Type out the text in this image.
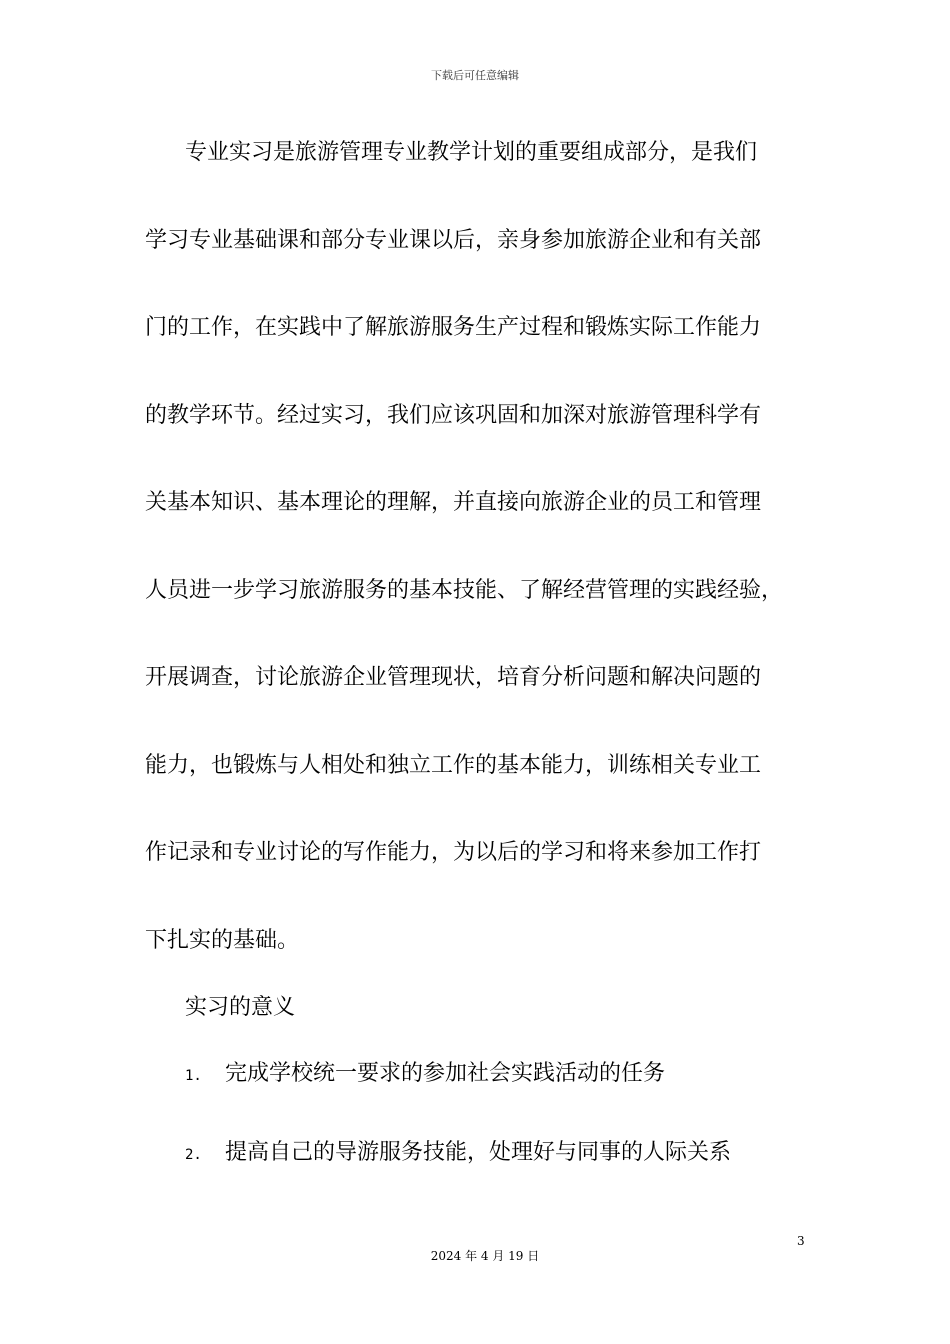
下载后可任意编辑
专业实习是旅游管理专业教学计划的重要组成部分，是我们
学习专业基础课和部分专业课以后，亲身参加旅游企业和有关部
门的工作，在实践中了解旅游服务生产过程和锻炼实际工作能力
的教学环节。经过实习，我们应该巩固和加深对旅游管理科学有
关基本知识、基本理论的理解，并直接向旅游企业的员工和管理
人员进一步学习旅游服务的基本技能、了解经营管理的实践经验，
开展调查，讨论旅游企业管理现状，培育分析问题和解决问题的
能力，也锻炼与人相处和独立工作的基本能力，训练相关专业工
作记录和专业讨论的写作能力，为以后的学习和将来参加工作打
下扎实的基础。
实习的意义
1. 完成学校统一要求的参加社会实践活动的任务
2. 提高自己的导游服务技能，处理好与同事的人际关系
3
2024 年 4 月 19 日
